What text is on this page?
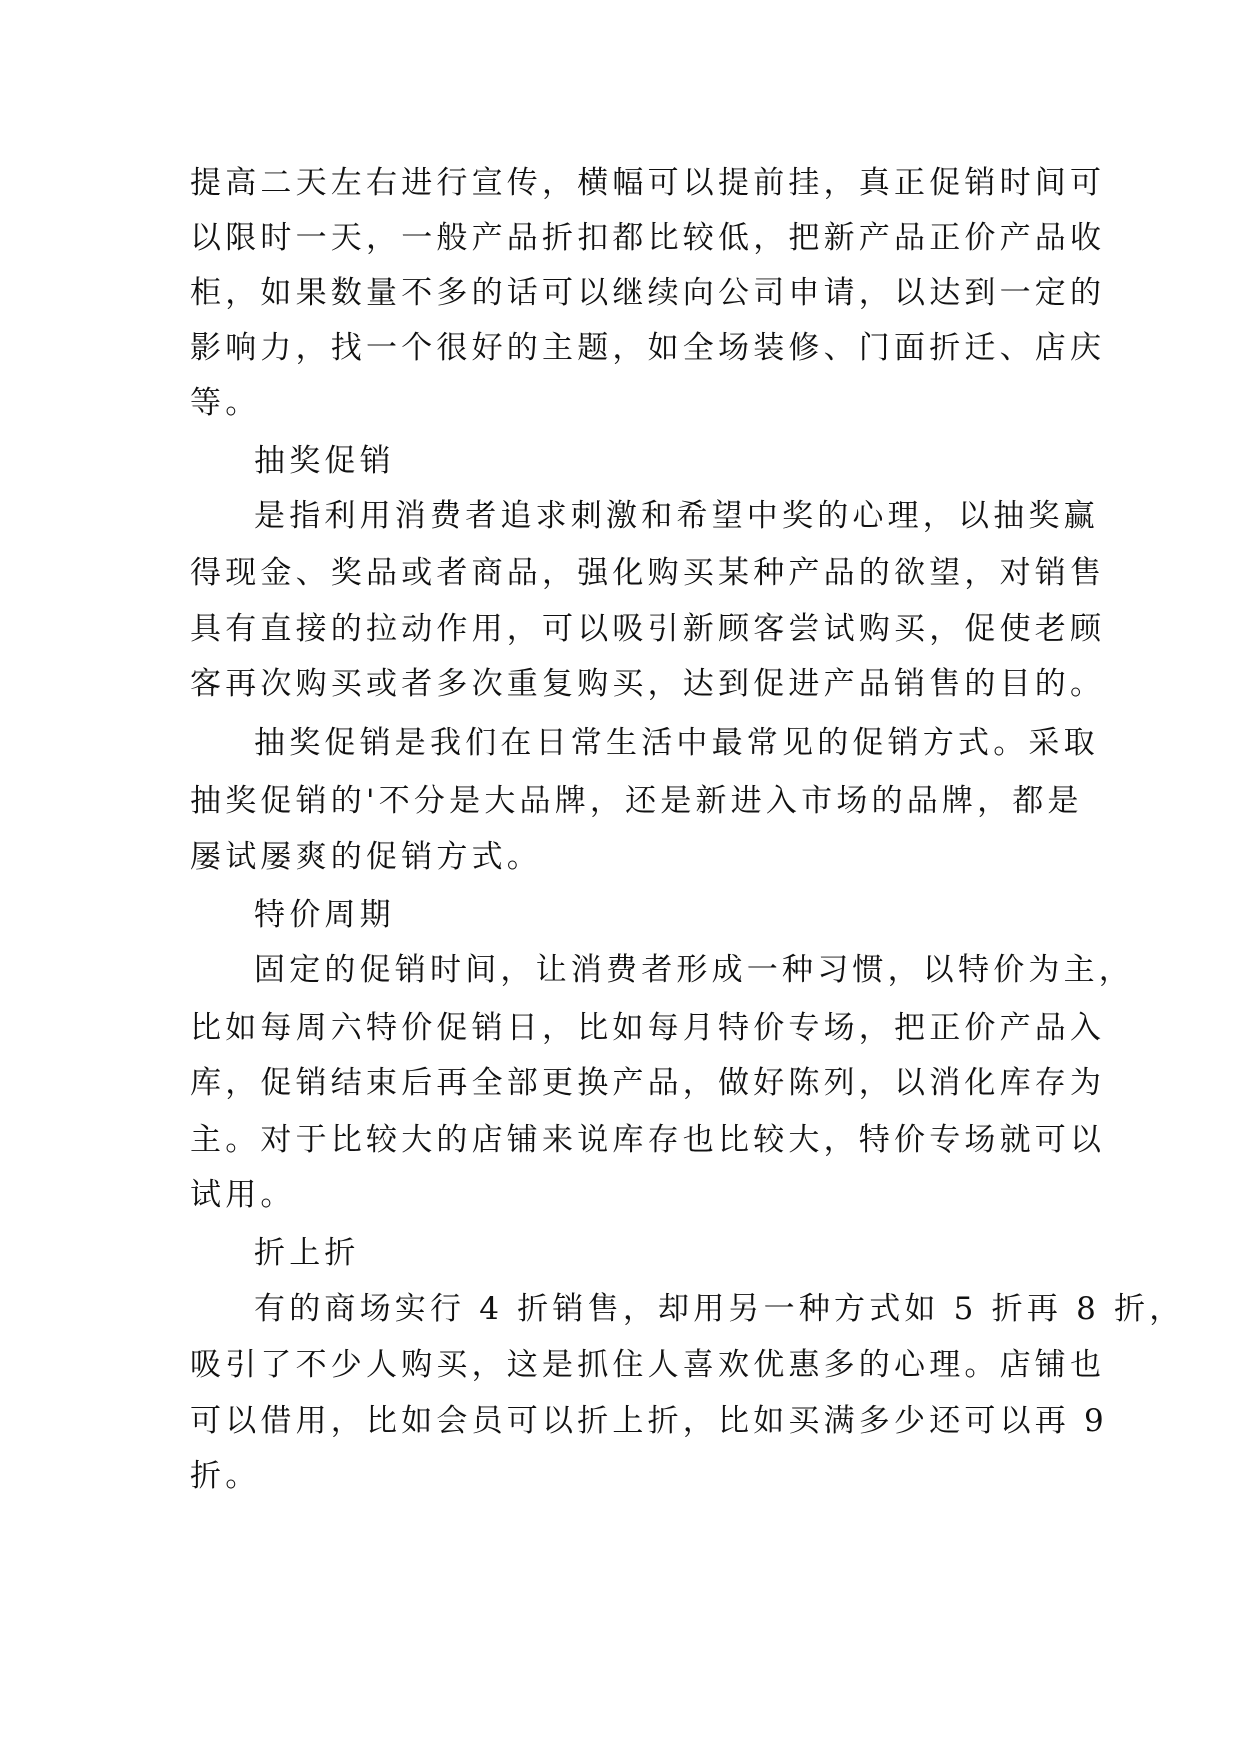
提高二天左右进行宣传，横幅可以提前挂，真正促销时间可
以限时一天，一般产品折扣都比较低，把新产品正价产品收
柜，如果数量不多的话可以继续向公司申请，以达到一定的
影响力，找一个很好的主题，如全场装修、门面折迁、店庆
等。
抽奖促销
是指利用消费者追求刺激和希望中奖的心理，以抽奖赢
得现金、奖品或者商品，强化购买某种产品的欲望，对销售
具有直接的拉动作用，可以吸引新顾客尝试购买，促使老顾
客再次购买或者多次重复购买，达到促进产品销售的目的。
抽奖促销是我们在日常生活中最常见的促销方式。采取
抽奖促销的'不分是大品牌，还是新进入市场的品牌，都是
屡试屡爽的促销方式。
特价周期
固定的促销时间，让消费者形成一种习惯，以特价为主，
比如每周六特价促销日，比如每月特价专场，把正价产品入
库，促销结束后再全部更换产品，做好陈列，以消化库存为
主。对于比较大的店铺来说库存也比较大，特价专场就可以
试用。
折上折
有的商场实行 4 折销售，却用另一种方式如 5 折再 8 折，
吸引了不少人购买，这是抓住人喜欢优惠多的心理。店铺也
可以借用，比如会员可以折上折，比如买满多少还可以再 9
折。
